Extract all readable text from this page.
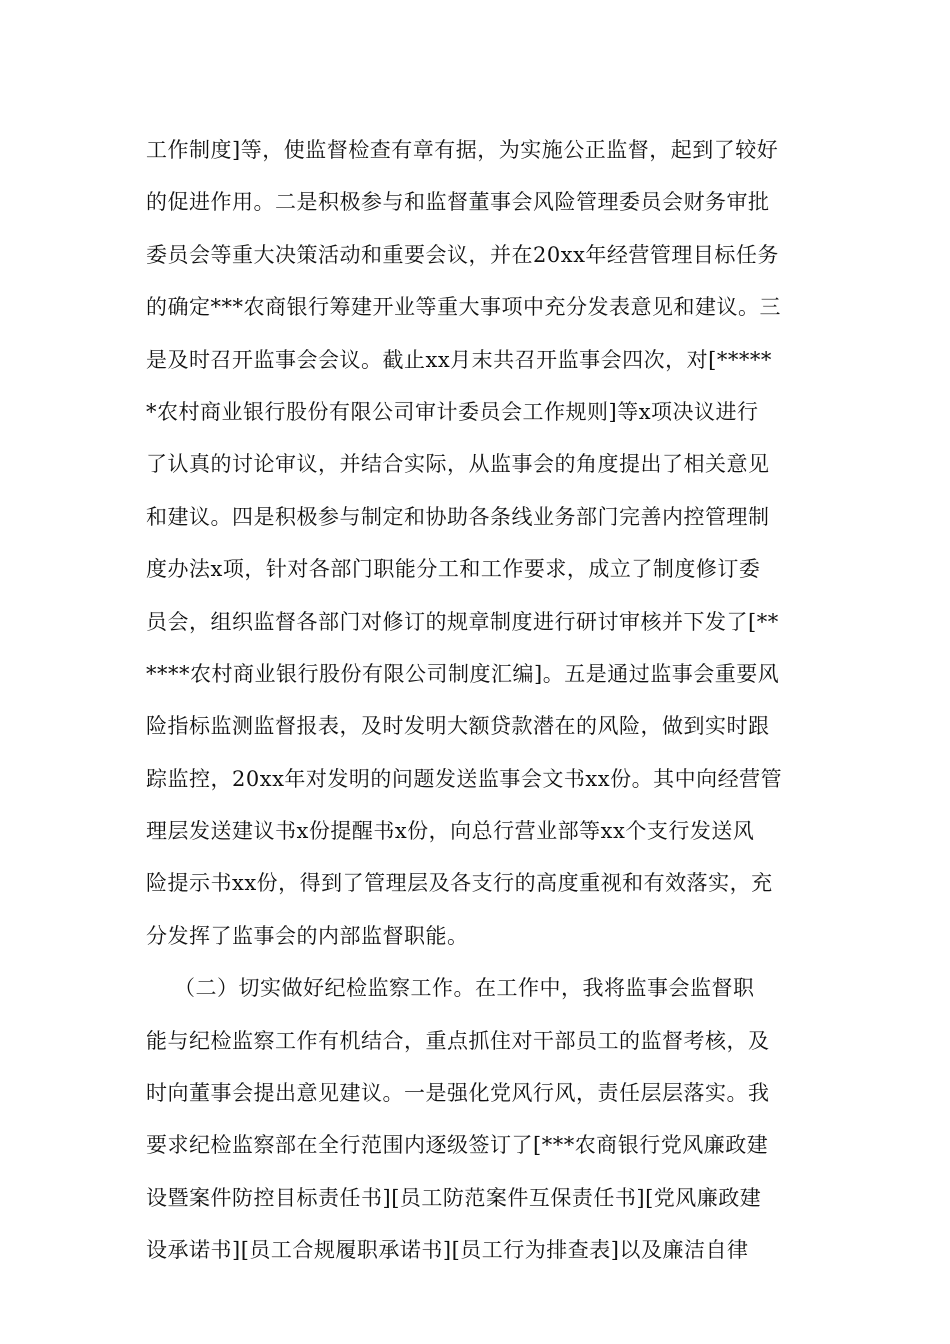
工作制度]等，使监督检查有章有据，为实施公正监督，起到了较好
的促进作用。二是积极参与和监督董事会风险管理委员会财务审批
委员会等重大决策活动和重要会议，并在20xx年经营管理目标任务
的确定***农商银行筹建开业等重大事项中充分发表意见和建议。三
是及时召开监事会会议。截止xx月末共召开监事会四次，对[*****
*农村商业银行股份有限公司审计委员会工作规则]等x项决议进行
了认真的讨论审议，并结合实际，从监事会的角度提出了相关意见
和建议。四是积极参与制定和协助各条线业务部门完善内控管理制
度办法x项，针对各部门职能分工和工作要求，成立了制度修订委
员会，组织监督各部门对修订的规章制度进行研讨审核并下发了[**
****农村商业银行股份有限公司制度汇编]。五是通过监事会重要风
险指标监测监督报表，及时发明大额贷款潜在的风险，做到实时跟
踪监控，20xx年对发明的问题发送监事会文书xx份。其中向经营管
理层发送建议书x份提醒书x份，向总行营业部等xx个支行发送风
险提示书xx份，得到了管理层及各支行的高度重视和有效落实，充
分发挥了监事会的内部监督职能。
（二）切实做好纪检监察工作。在工作中，我将监事会监督职
能与纪检监察工作有机结合，重点抓住对干部员工的监督考核，及
时向董事会提出意见建议。一是强化党风行风，责任层层落实。我
要求纪检监察部在全行范围内逐级签订了[***农商银行党风廉政建
设暨案件防控目标责任书][员工防范案件互保责任书][党风廉政建
设承诺书][员工合规履职承诺书][员工行为排查表]以及廉洁自律
